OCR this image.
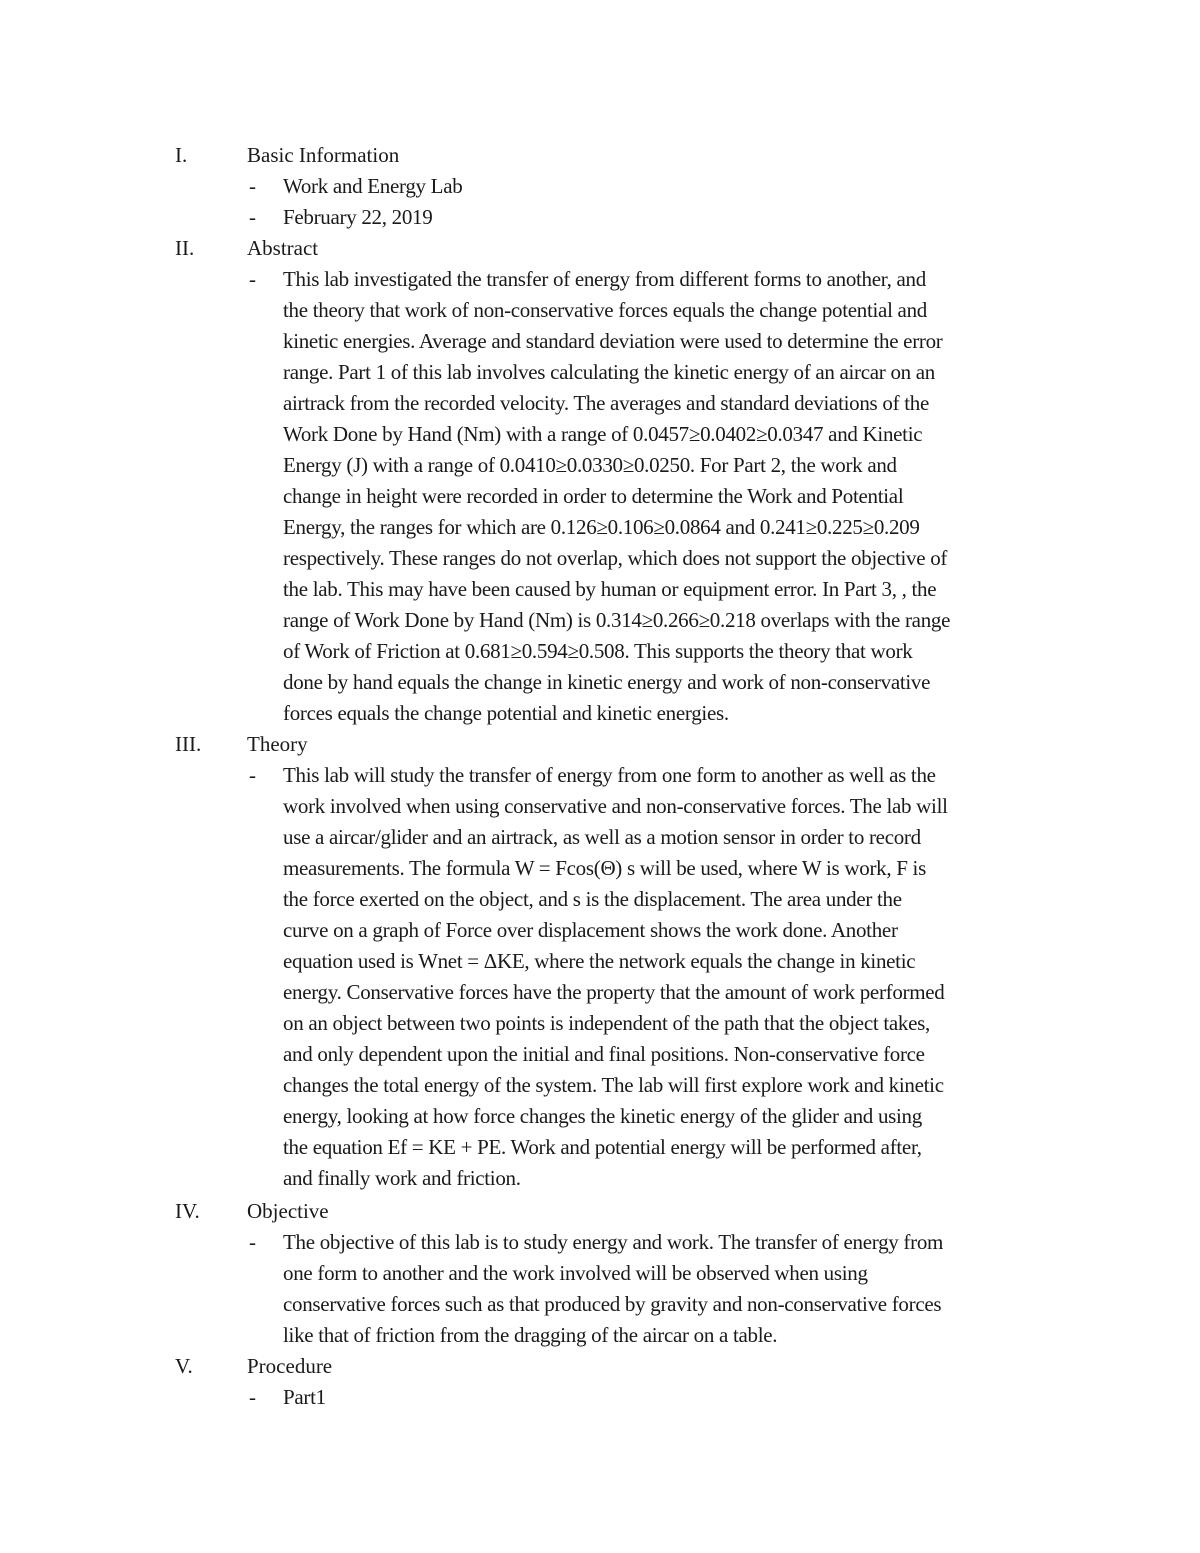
I.	Basic Information
- Work and Energy Lab
- February 22, 2019
II.	Abstract
- This lab investigated the transfer of energy from different forms to another, and
the theory that work of non-conservative forces equals the change potential and
kinetic energies. Average and standard deviation were used to determine the error
range. Part 1 of this lab involves calculating the kinetic energy of an aircar on an
airtrack from the recorded velocity. The averages and standard deviations of the
Work Done by Hand (Nm) with a range of 0.0457≥0.0402≥0.0347 and Kinetic
Energy (J) with a range of 0.0410≥0.0330≥0.0250. For Part 2, the work and
change in height were recorded in order to determine the Work and Potential
Energy, the ranges for which are 0.126≥0.106≥0.0864 and 0.241≥0.225≥0.209
respectively. These ranges do not overlap, which does not support the objective of
the lab. This may have been caused by human or equipment error. In Part 3, , the
range of Work Done by Hand (Nm) is 0.314≥0.266≥0.218 overlaps with the range
of Work of Friction at 0.681≥0.594≥0.508. This supports the theory that work
done by hand equals the change in kinetic energy and work of non-conservative
forces equals the change potential and kinetic energies.
III. Theory
- This lab will study the transfer of energy from one form to another as well as the
work involved when using conservative and non-conservative forces. The lab will
use a aircar/glider and an airtrack, as well as a motion sensor in order to record
measurements. The formula W = Fcos(Θ) s will be used, where W is work, F is
the force exerted on the object, and s is the displacement. The area under the
curve on a graph of Force over displacement shows the work done. Another
equation used is Wnet = ΔKE, where the network equals the change in kinetic
energy. Conservative forces have the property that the amount of work performed
on an object between two points is independent of the path that the object takes,
and only dependent upon the initial and final positions. Non-conservative force
changes the total energy of the system. The lab will first explore work and kinetic
energy, looking at how force changes the kinetic energy of the glider and using
the equation Ef = KE + PE. Work and potential energy will be performed after,
and finally work and friction.
IV. Objective
- The objective of this lab is to study energy and work. The transfer of energy from
one form to another and the work involved will be observed when using
conservative forces such as that produced by gravity and non-conservative forces
like that of friction from the dragging of the aircar on a table.
V.	Procedure
- Part1
